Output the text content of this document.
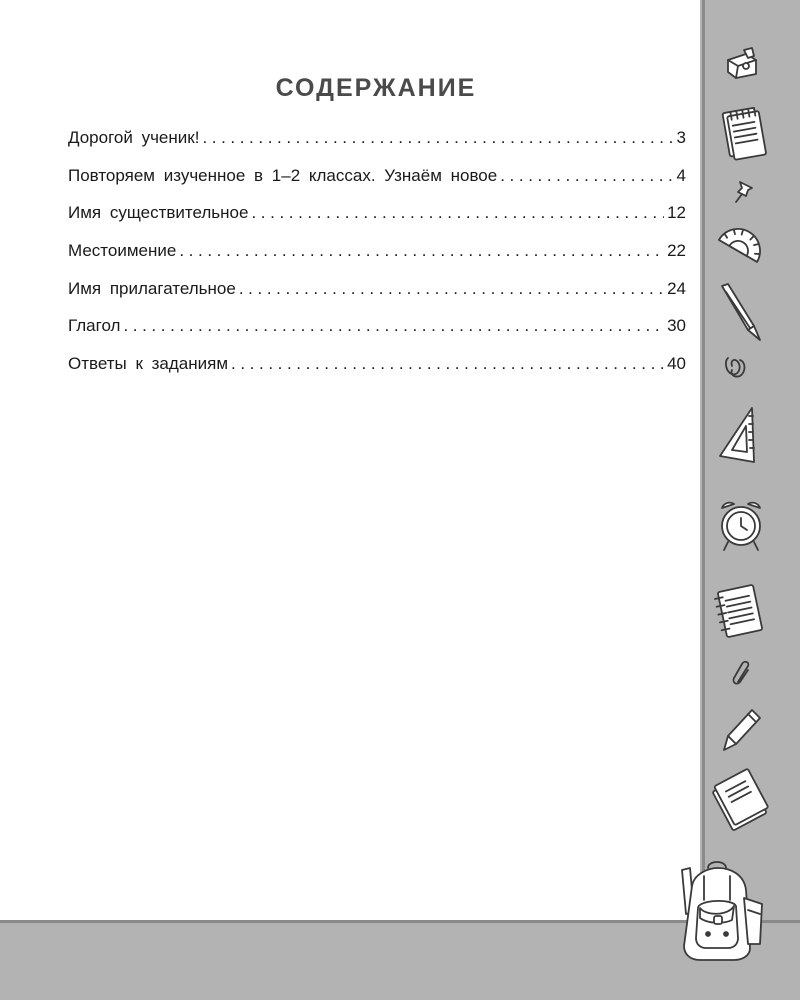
СОДЕРЖАНИЕ
Дорогой ученик! .....	3
Повторяем изученное в 1–2 классах. Узнаём новое .....	4
Имя существительное .....	12
Местоимение .....	22
Имя прилагательное .....	24
Глагол .....	30
Ответы к заданиям .....	40
